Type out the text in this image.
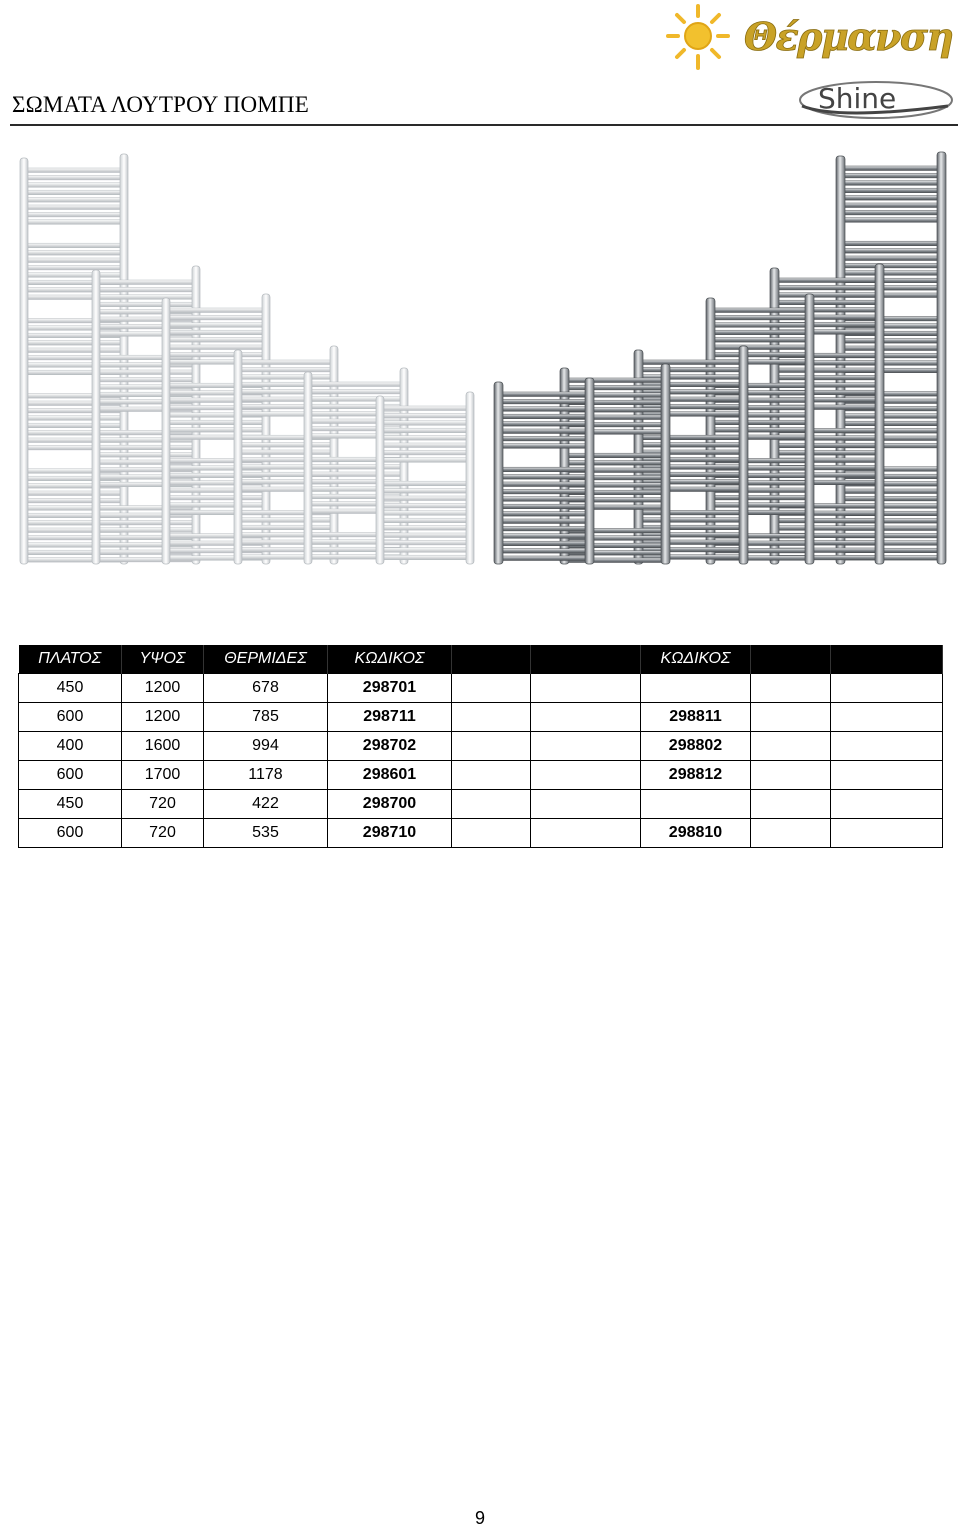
Θέρμανση
Shine
ΣΩΜΑΤΑ ΛΟΥΤΡΟΥ ΠΟΜΠΕ
ΠΛΑΤΟΣ	ΥΨΟΣ	ΘΕΡΜΙΔΕΣ	ΚΩΔΙΚΟΣ			ΚΩΔΙΚΟΣ		
450	1200	678	298701					
600	1200	785	298711			298811		
400	1600	994	298702			298802		
600	1700	1178	298601			298812		
450	720	422	298700					
600	720	535	298710			298810		
9
